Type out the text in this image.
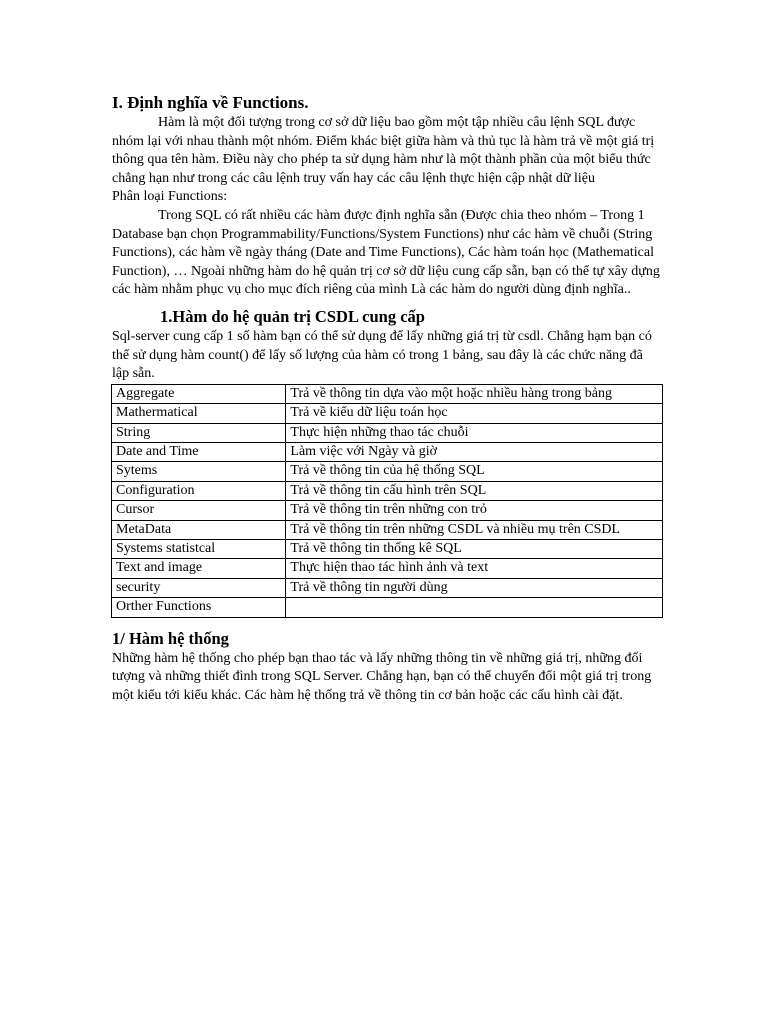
I. Định nghĩa về Functions.

Hàm là một đối tượng trong cơ sở dữ liệu bao gồm một tập nhiều câu lệnh SQL được nhóm lại với nhau thành một nhóm. Điểm khác biệt giữa hàm và thủ tục là hàm trả về một giá trị thông qua tên hàm. Điều này cho phép ta sử dụng hàm như là một thành phần của một biểu thức chẳng hạn như trong các câu lệnh truy vấn hay các câu lệnh thực hiện cập nhật dữ liệu

Phân loại Functions:

Trong SQL có rất nhiều các hàm được định nghĩa sẵn (Được chia theo nhóm – Trong 1 Database bạn chọn Programmability/Functions/System Functions) như các hàm về chuỗi (String Functions), các hàm về ngày tháng (Date and Time Functions), Các hàm toán học (Mathematical Function), … Ngoài những hàm do hệ quản trị cơ sở dữ liệu cung cấp sẵn, bạn có thể tự xây dựng các hàm nhằm phục vụ cho mục đích riêng của mình Là các hàm do người dùng định nghĩa..

1.Hàm do hệ quản trị CSDL cung cấp

Sql-server cung cấp 1 số hàm bạn có thể sử dụng để lấy những giá trị từ csdl. Chẳng hạm bạn có thể sử dụng hàm count() để lấy số lượng của hàm có trong 1 bảng, sau đây là các chức năng đã lập sẵn.

Aggregate	Trả về thông tin dựa vào một hoặc nhiều hàng trong bảng
Mathermatical	Trả về kiểu dữ liệu toán học
String	Thực hiện những thao tác chuỗi
Date and Time	Làm việc với Ngày và giờ
Sytems	Trả về thông tin của hệ thống SQL
Configuration	Trả về thông tin cấu hình trên SQL
Cursor	Trả về thông tin trên những con trỏ
MetaData	Trả về thông tin trên những CSDL và nhiều mụ trên CSDL
Systems statistcal	Trả về thông tin thống kê SQL
Text and image	Thực hiện thao tác hình ảnh và text
security	Trả về thông tin người dùng
Orther Functions	

1/ Hàm hệ thống

Những hàm hệ thống cho phép bạn thao tác và lấy những thông tin về những giá trị, những đối tượng và những thiết đình trong SQL Server. Chẳng hạn, bạn có thể chuyển đổi một giá trị trong một kiểu tới kiểu khác. Các hàm hệ thống trả về thông tin cơ bản hoặc các cấu hình cài đặt.
